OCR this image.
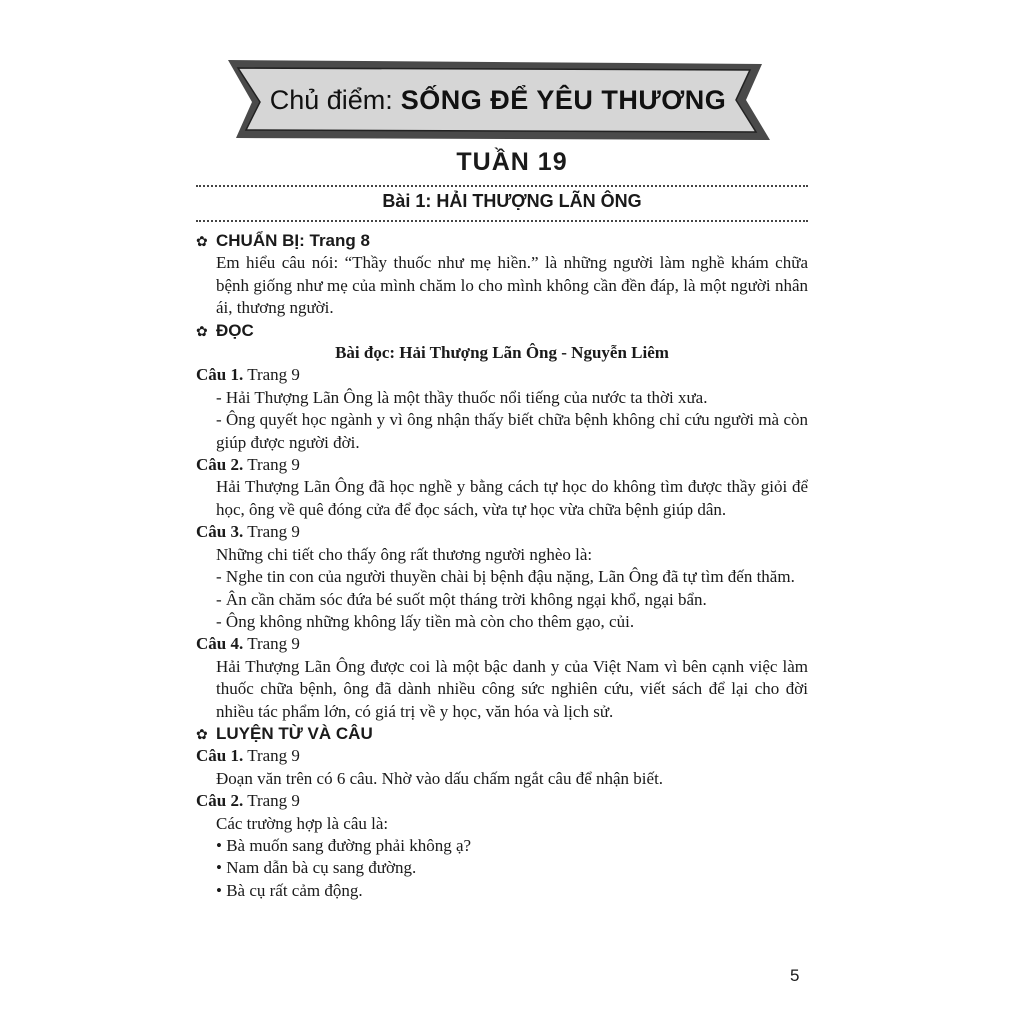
Chủ điểm: SỐNG ĐỂ YÊU THƯƠNG
TUẦN 19
Bài 1: HẢI THƯỢNG LÃN ÔNG

✿ CHUẨN BỊ: Trang 8

Em hiểu câu nói: “Thầy thuốc như mẹ hiền.” là những người làm nghề khám chữa bệnh giống như mẹ của mình chăm lo cho mình không cần đền đáp, là một người nhân ái, thương người.

✿ ĐỌC

Bài đọc: Hải Thượng Lãn Ông - Nguyễn Liêm

Câu 1. Trang 9

- Hải Thượng Lãn Ông là một thầy thuốc nổi tiếng của nước ta thời xưa.

- Ông quyết học ngành y vì ông nhận thấy biết chữa bệnh không chỉ cứu người mà còn giúp được người đời.

Câu 2. Trang 9

Hải Thượng Lãn Ông đã học nghề y bằng cách tự học do không tìm được thầy giỏi để học, ông về quê đóng cửa để đọc sách, vừa tự học vừa chữa bệnh giúp dân.

Câu 3. Trang 9

Những chi tiết cho thấy ông rất thương người nghèo là:

- Nghe tin con của người thuyền chài bị bệnh đậu nặng, Lãn Ông đã tự tìm đến thăm.

- Ân cần chăm sóc đứa bé suốt một tháng trời không ngại khổ, ngại bẩn.

- Ông không những không lấy tiền mà còn cho thêm gạo, củi.

Câu 4. Trang 9

Hải Thượng Lãn Ông được coi là một bậc danh y của Việt Nam vì bên cạnh việc làm thuốc chữa bệnh, ông đã dành nhiều công sức nghiên cứu, viết sách để lại cho đời nhiều tác phẩm lớn, có giá trị về y học, văn hóa và lịch sử.

✿ LUYỆN TỪ VÀ CÂU

Câu 1. Trang 9

Đoạn văn trên có 6 câu. Nhờ vào dấu chấm ngắt câu để nhận biết.

Câu 2. Trang 9

Các trường hợp là câu là:

• Bà muốn sang đường phải không ạ?

• Nam dẫn bà cụ sang đường.

• Bà cụ rất cảm động.

5
